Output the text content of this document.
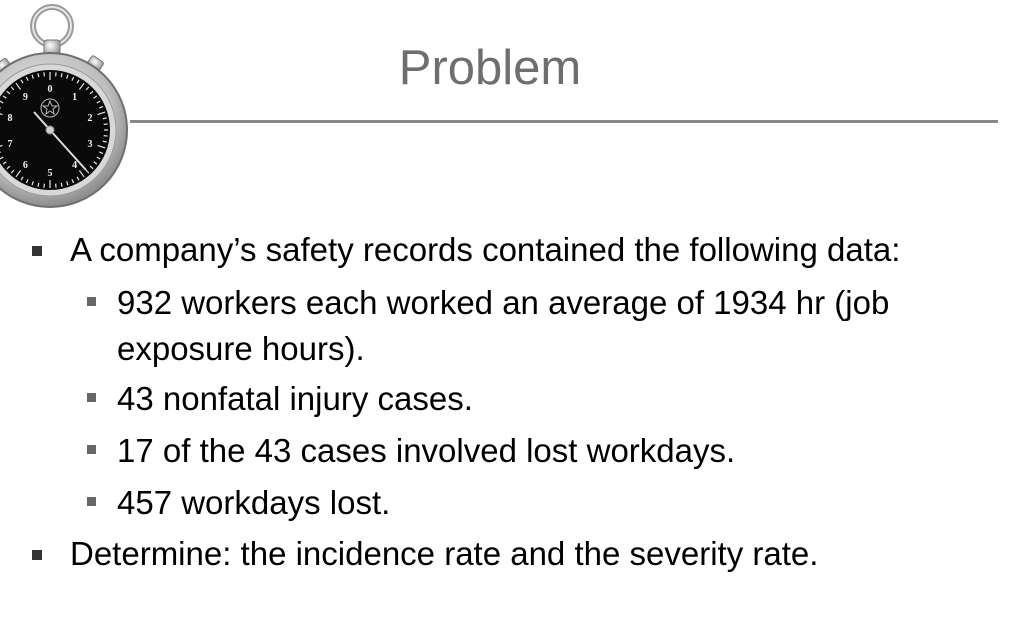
0
1
2
3
4
5
6
7
8
9
Problem
A company’s safety records contained the following data:
932 workers each worked an average of 1934 hr (job
exposure hours).
43 nonfatal injury cases.
17 of the 43 cases involved lost workdays.
457 workdays lost.
Determine: the incidence rate and the severity rate.
